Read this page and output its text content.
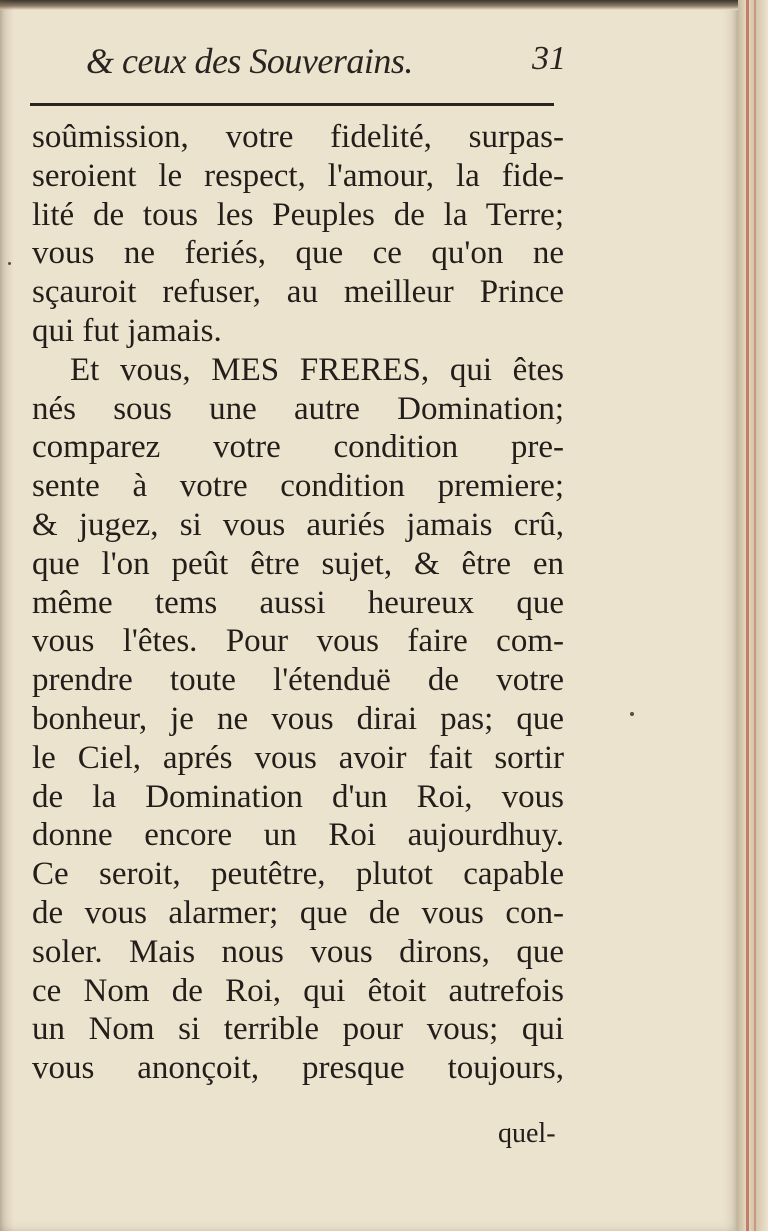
& ceux des Souverains.	31
soûmission, votre fidelité, surpas-
seroient le respect, l'amour, la fide-
lité de tous les Peuples de la Terre;
vous ne feriés, que ce qu'on ne
sçauroit refuser, au meilleur Prince
qui fut jamais.
Et vous, MES FRERES, qui êtes
nés sous une autre Domination;
comparez votre condition pre-
sente à votre condition premiere;
& jugez, si vous auriés jamais crû,
que l'on peût être sujet, & être en
même tems aussi heureux que
vous l'êtes. Pour vous faire com-
prendre toute l'étenduë de votre
bonheur, je ne vous dirai pas; que
le Ciel, aprés vous avoir fait sortir
de la Domination d'un Roi, vous
donne encore un Roi aujourdhuy.
Ce seroit, peutêtre, plutot capable
de vous alarmer; que de vous con-
soler. Mais nous vous dirons, que
ce Nom de Roi, qui êtoit autrefois
un Nom si terrible pour vous; qui
vous anonçoit, presque toujours,
quel-
